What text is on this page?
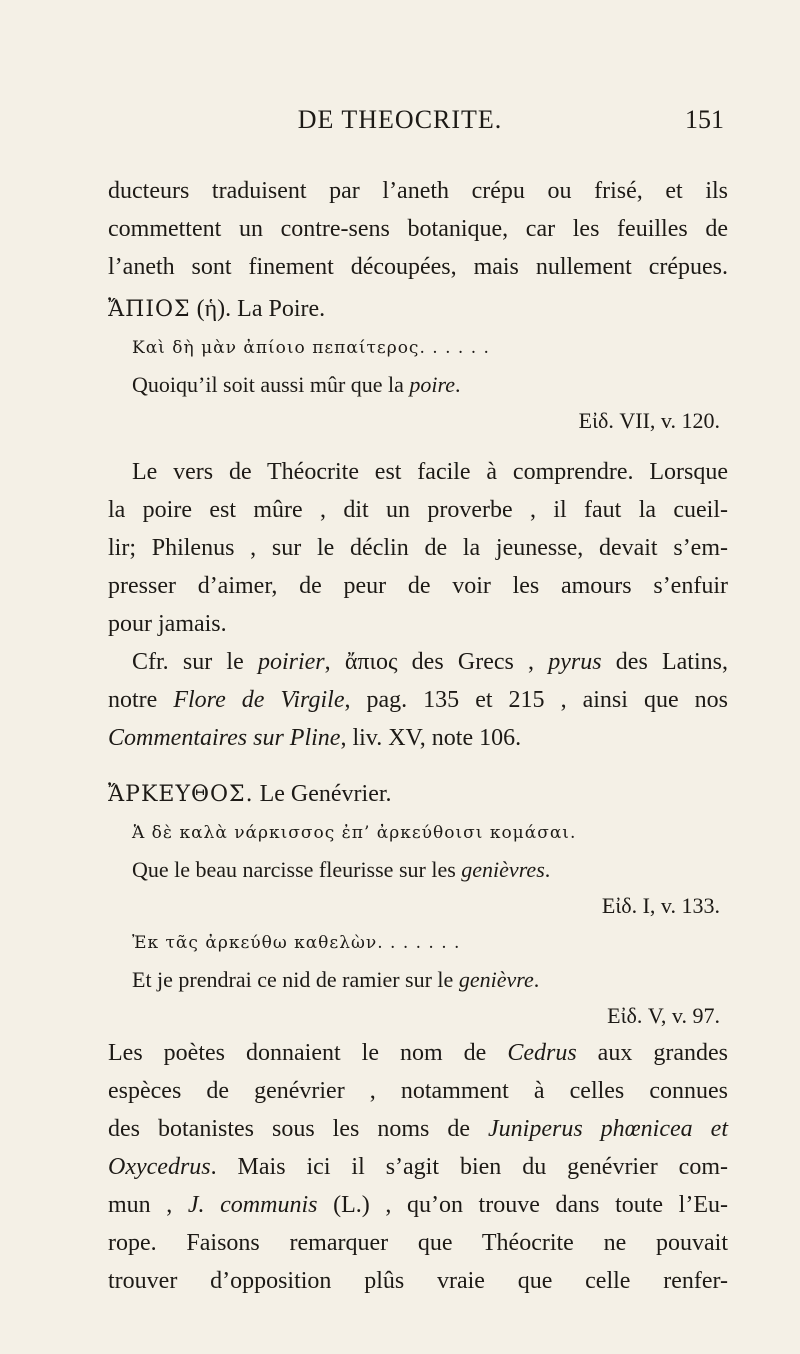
DE THEOCRITE.	151

ducteurs traduisent par l’aneth crépu ou frisé, et ils

commettent un contre-sens botanique, car les feuilles de

l’aneth sont finement découpées, mais nullement crépues.

ἌΠΙΟΣ (ἡ). La Poire.

Καὶ δὴ μὰν ἀπίοιο πεπαίτερος. . . . . .

Quoiqu’il soit aussi mûr que la poire.

Εἰδ. VII, v. 120.

Le vers de Théocrite est facile à comprendre. Lorsque

la poire est mûre , dit un proverbe , il faut la cueil-

lir; Philenus , sur le déclin de la jeunesse, devait s’em-

presser d’aimer, de peur de voir les amours s’enfuir

pour jamais.

Cfr. sur le poirier, ἄπιος des Grecs , pyrus des Latins,

notre Flore de Virgile, pag. 135 et 215 , ainsi que nos

Commentaires sur Pline, liv. XV, note 106.

ἌΡΚΕΥΘΟΣ. Le Genévrier.

Ἁ δὲ καλὰ νάρκισσος ἐπ’ ἀρκεύθοισι κομάσαι.

Que le beau narcisse fleurisse sur les genièvres.

Εἰδ. I, v. 133.

Ἐκ τᾶς ἀρκεύθω καθελὼν. . . . . . .

Et je prendrai ce nid de ramier sur le genièvre.

Εἰδ. V, v. 97.

Les poètes donnaient le nom de Cedrus aux grandes

espèces de genévrier , notamment à celles connues

des botanistes sous les noms de Juniperus phœnicea et

Oxycedrus. Mais ici il s’agit bien du genévrier com-

mun , J. communis (L.) , qu’on trouve dans toute l’Eu-

rope. Faisons remarquer que Théocrite ne pouvait

trouver d’opposition plûs vraie que celle renfer-
